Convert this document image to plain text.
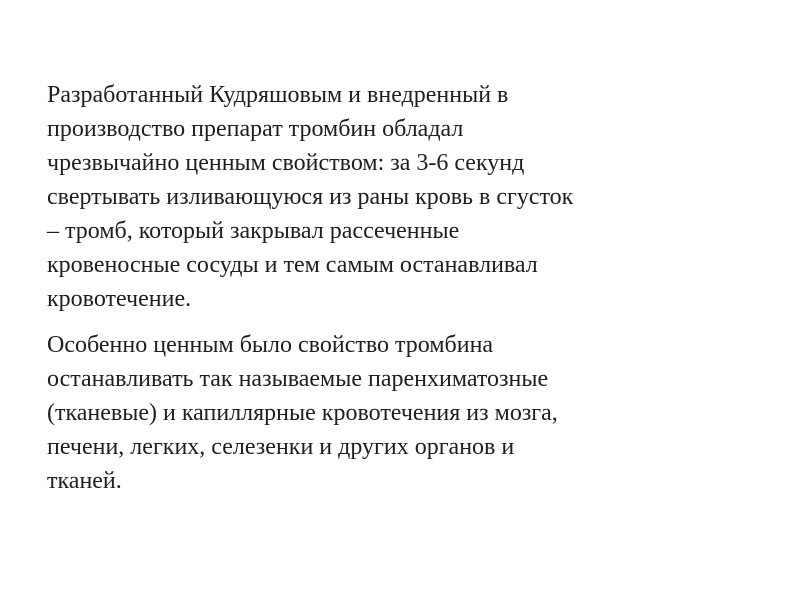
Разработанный Кудряшовым и внедренный в
производство препарат тромбин обладал
чрезвычайно ценным свойством: за 3-6 секунд
свертывать изливающуюся из раны кровь в сгусток
– тромб, который закрывал рассеченные
кровеносные сосуды и тем самым останавливал
кровотечение.

Особенно ценным было свойство тромбина
останавливать так называемые паренхиматозные
(тканевые) и капиллярные кровотечения из мозга,
печени, легких, селезенки и других органов и
тканей.
